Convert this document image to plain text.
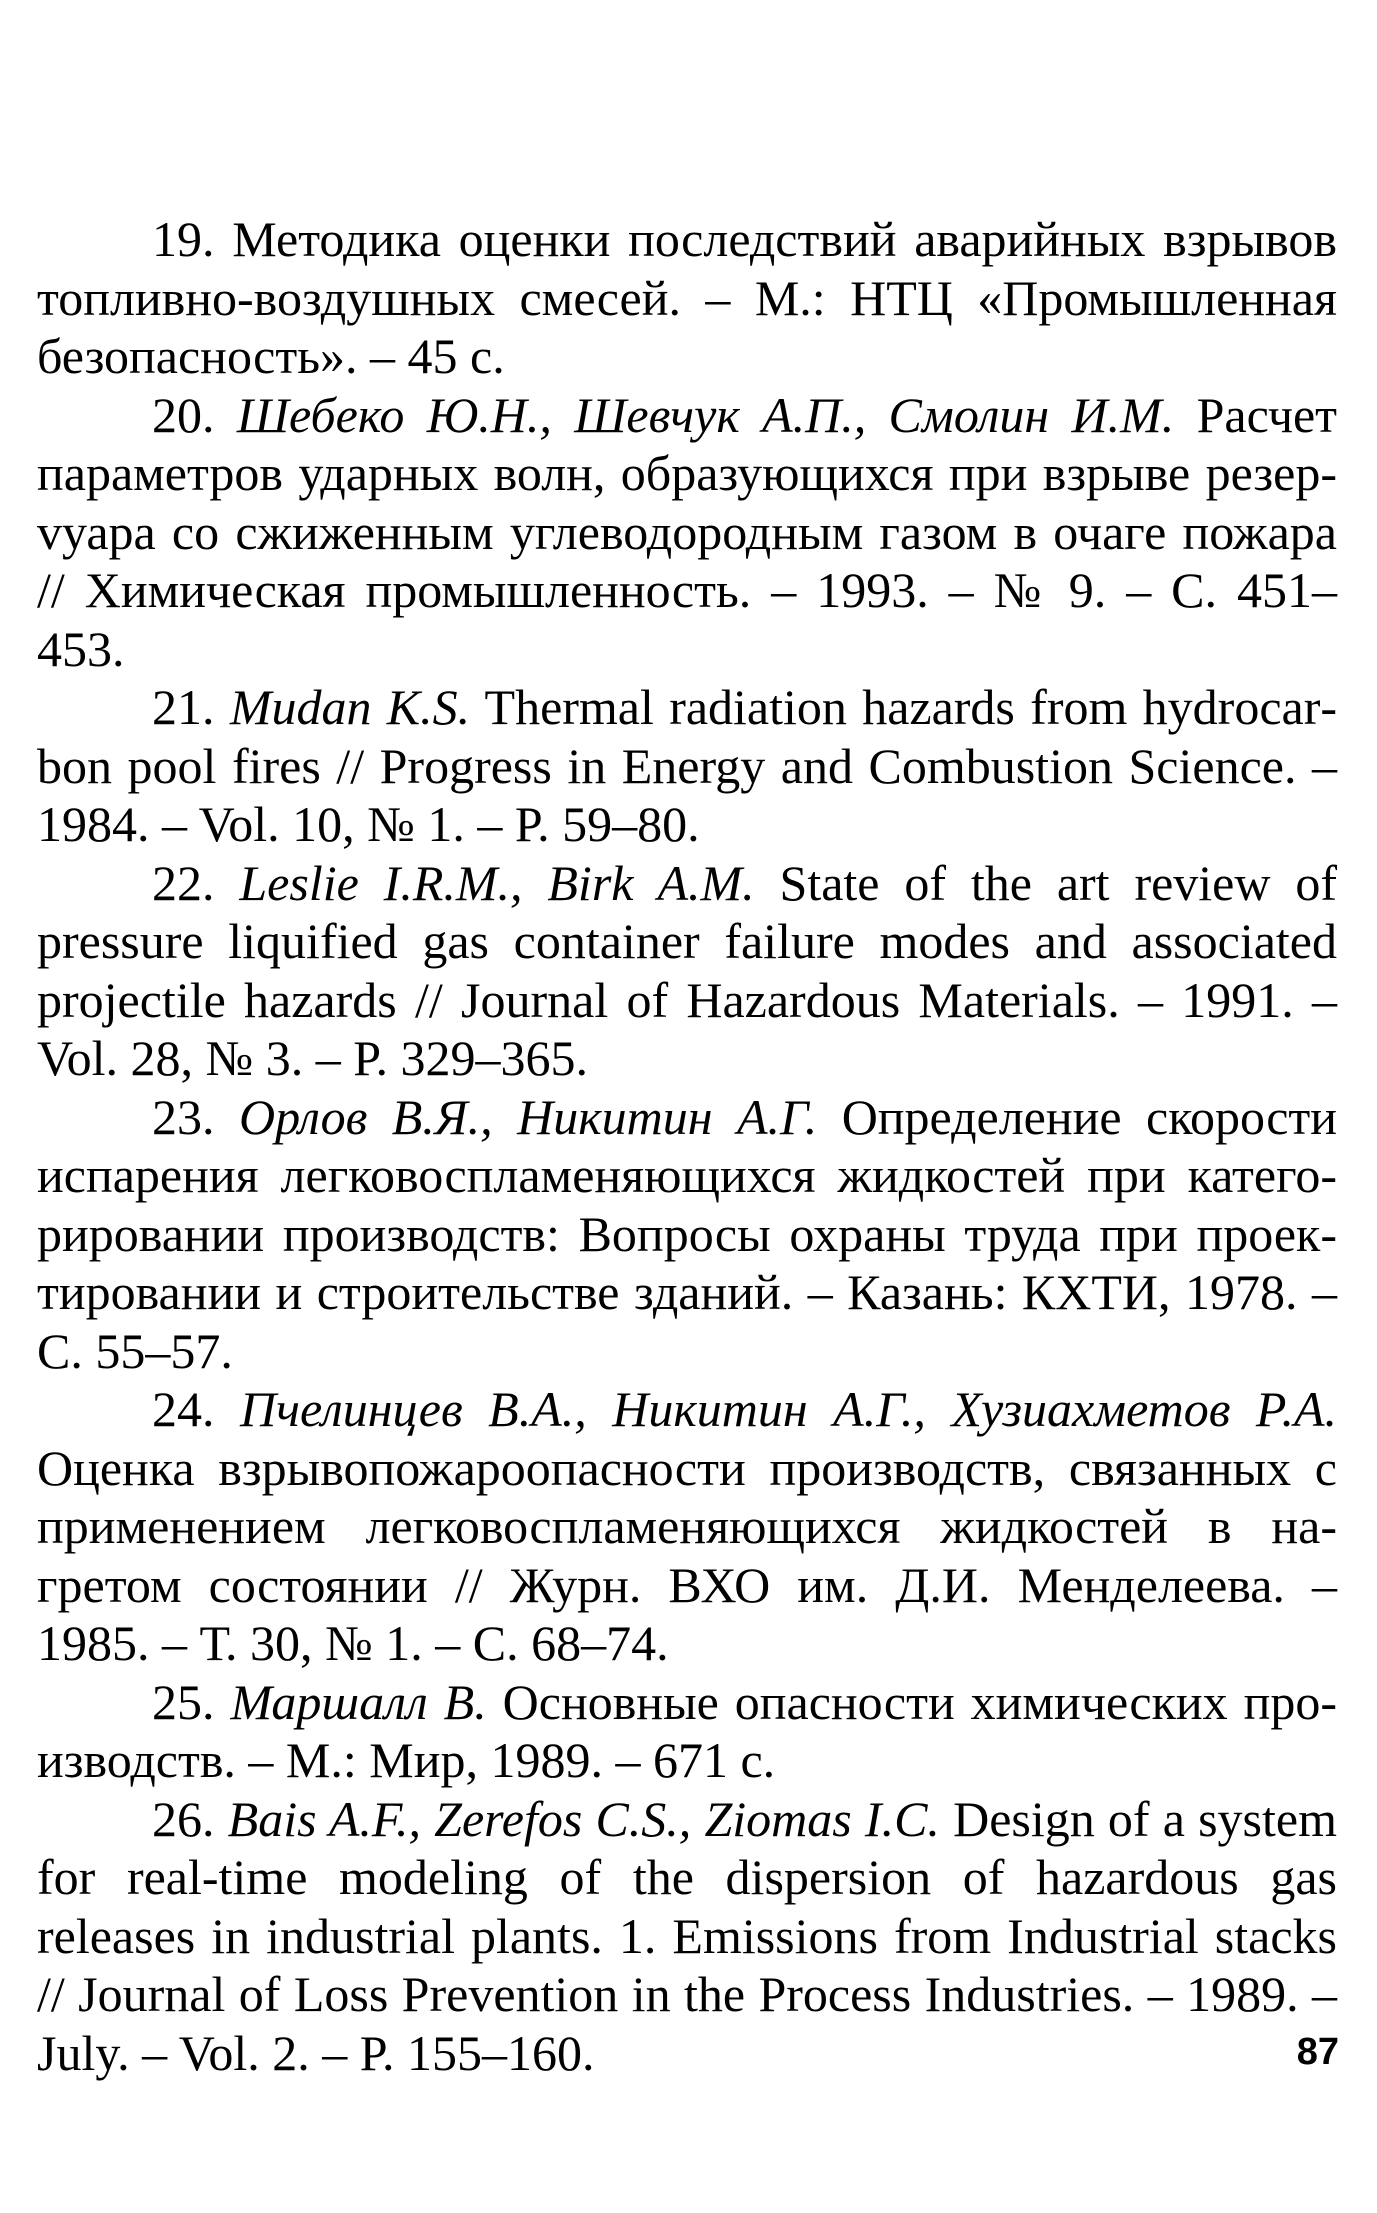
19. Методика оценки последствий аварийных взрывов топливно-воздушных смесей. – М.: НТЦ «Промышленная безопасность». – 45 с.

20. Шебеко Ю.Н., Шевчук А.П., Смолин И.М. Расчет параметров ударных волн, образующихся при взрыве резерvуара со сжиженным углеводородным газом в очаге пожара // Химическая промышленность. – 1993. – № 9. – С. 451–453.

21. Mudan K.S. Thermal radiation hazards from hydrocarbon pool fires // Progress in Energy and Combustion Science. – 1984. – Vol. 10, № 1. – P. 59–80.

22. Leslie I.R.M., Birk A.M. State of the art review of pressure liquified gas container failure modes and associated projectile hazards // Journal of Hazardous Materials. – 1991. – Vol. 28, № 3. – P. 329–365.

23. Орлов В.Я., Никитин А.Г. Определение скорости испарения легковоспламеняющихся жидкостей при категорировании производств: Вопросы охраны труда при проектировании и строительстве зданий. – Казань: КХТИ, 1978. – С. 55–57.

24. Пчелинцев В.А., Никитин А.Г., Хузиахметов Р.А. Оценка взрывопожароопасности производств, связанных с применением легковоспламеняющихся жидкостей в нагретом состоянии // Журн. ВХО им. Д.И. Менделеева. – 1985. – Т. 30, № 1. – С. 68–74.

25. Маршалл В. Основные опасности химических производств. – М.: Мир, 1989. – 671 с.

26. Bais A.F., Zerefos C.S., Ziomas I.C. Design of a system for real-time modeling of the dispersion of hazardous gas releases in industrial plants. 1. Emissions from Industrial stacks // Journal of Loss Prevention in the Process Industries. – 1989. – July. – Vol. 2. – P. 155–160.	87
